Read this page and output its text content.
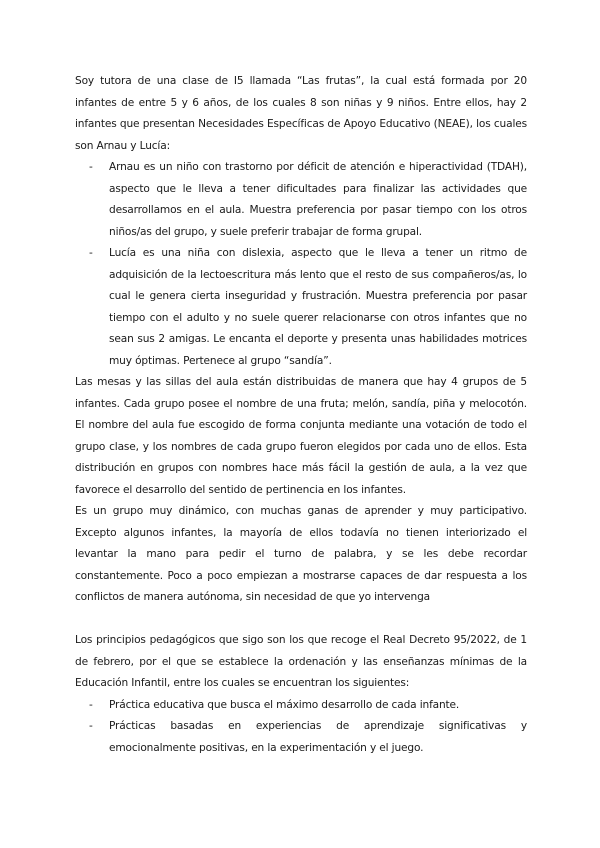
Soy tutora de una clase de I5 llamada “Las frutas”, la cual está formada por 20 infantes de entre 5 y 6 años, de los cuales 8 son niñas y 9 niños. Entre ellos, hay 2 infantes que presentan Necesidades Específicas de Apoyo Educativo (NEAE), los cuales son Arnau y Lucía:

- Arnau es un niño con trastorno por déficit de atención e hiperactividad (TDAH), aspecto que le lleva a tener dificultades para finalizar las actividades que desarrollamos en el aula. Muestra preferencia por pasar tiempo con los otros niños/as del grupo, y suele preferir trabajar de forma grupal.
- Lucía es una niña con dislexia, aspecto que le lleva a tener un ritmo de adquisición de la lectoescritura más lento que el resto de sus compañeros/as, lo cual le genera cierta inseguridad y frustración. Muestra preferencia por pasar tiempo con el adulto y no suele querer relacionarse con otros infantes que no sean sus 2 amigas. Le encanta el deporte y presenta unas habilidades motrices muy óptimas. Pertenece al grupo “sandía”.

Las mesas y las sillas del aula están distribuidas de manera que hay 4 grupos de 5 infantes. Cada grupo posee el nombre de una fruta; melón, sandía, piña y melocotón. El nombre del aula fue escogido de forma conjunta mediante una votación de todo el grupo clase, y los nombres de cada grupo fueron elegidos por cada uno de ellos. Esta distribución en grupos con nombres hace más fácil la gestión de aula, a la vez que favorece el desarrollo del sentido de pertinencia en los infantes.

Es un grupo muy dinámico, con muchas ganas de aprender y muy participativo. Excepto algunos infantes, la mayoría de ellos todavía no tienen interiorizado el levantar la mano para pedir el turno de palabra, y se les debe recordar constantemente. Poco a poco empiezan a mostrarse capaces de dar respuesta a los conflictos de manera autónoma, sin necesidad de que yo intervenga

Los principios pedagógicos que sigo son los que recoge el Real Decreto 95/2022, de 1 de febrero, por el que se establece la ordenación y las enseñanzas mínimas de la Educación Infantil, entre los cuales se encuentran los siguientes:

- Práctica educativa que busca el máximo desarrollo de cada infante.
- Prácticas basadas en experiencias de aprendizaje significativas y emocionalmente positivas, en la experimentación y el juego.
